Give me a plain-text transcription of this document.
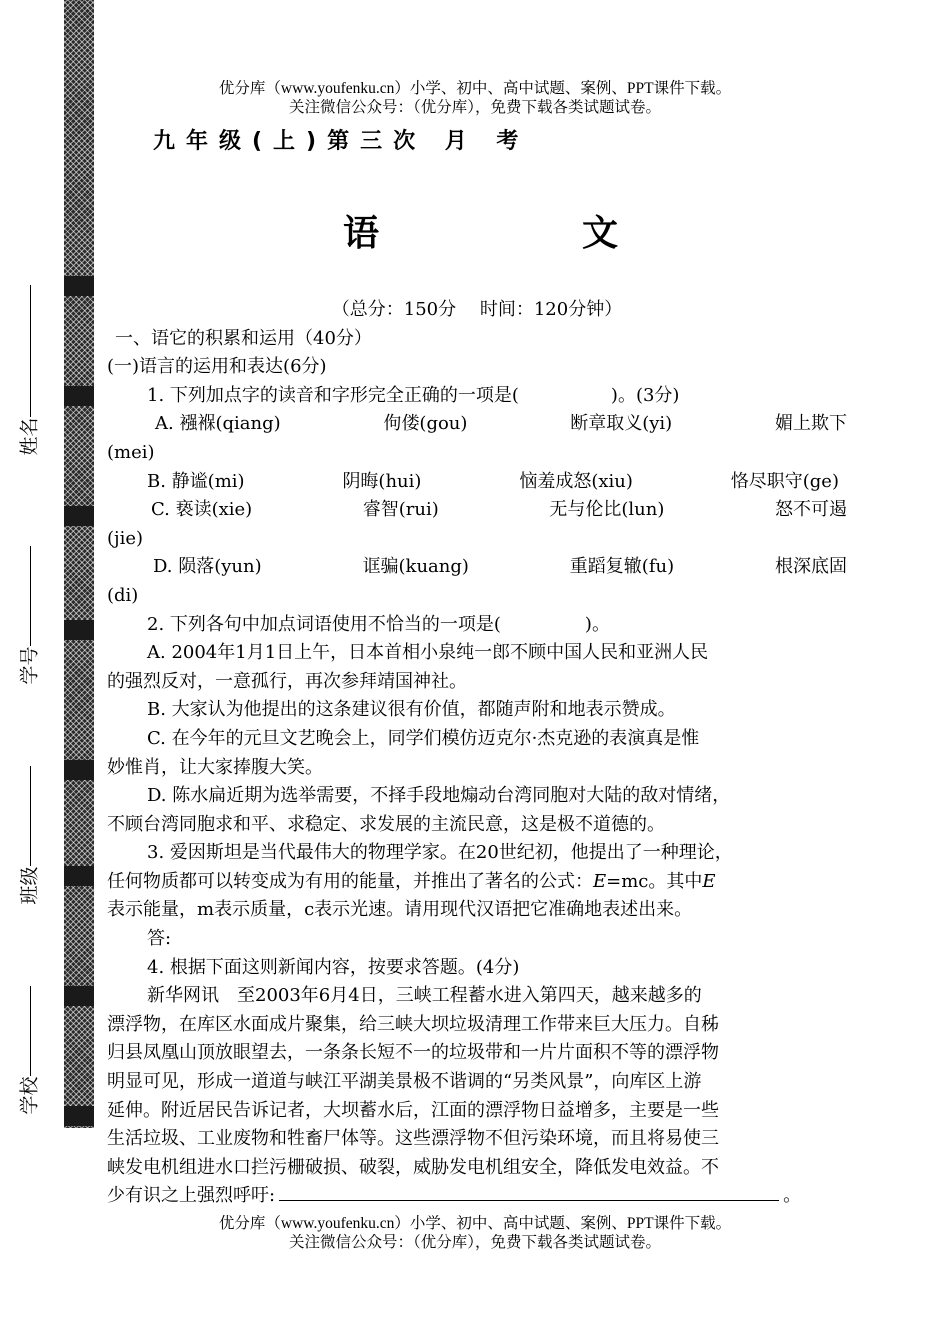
姓名
学号
班级
学校
优分库（www.youfenku.cn）小学、初中、高中试题、案例、PPT课件下载。
关注微信公众号：（优分库），免费下载各类试题试卷。
九年级(上)第三次 月 考
语	文
（总分：150分　 时间：120分钟）
一、语它的积累和运用（40分）
(一)语言的运用和表达(6分)
1. 下列加点字的读音和字形完全正确的一项是(	)。(3分)
A. 襁褓(qiang)	佝偻(gou)	断章取义(yi)	媚上欺下
(mei)
B. 静谧(mi)	阴晦(hui)	恼羞成怒(xiu)	恪尽职守(ge)
C. 亵读(xie)	睿智(rui)	无与伦比(lun)	怒不可遏
(jie)
D. 陨落(yun)	诓骗(kuang)	重蹈复辙(fu)	根深底固
(di)
2. 下列各句中加点词语使用不恰当的一项是(	)。
A. 2004年1月1日上午，日本首相小泉纯一郎不顾中国人民和亚洲人民
的强烈反对，一意孤行，再次参拜靖国神社。
B. 大家认为他提出的这条建议很有价值，都随声附和地表示赞成。
C. 在今年的元旦文艺晚会上，同学们模仿迈克尔·杰克逊的表演真是惟
妙惟肖，让大家捧腹大笑。
D. 陈水扁近期为选举需要，不择手段地煽动台湾同胞对大陆的敌对情绪，
不顾台湾同胞求和平、求稳定、求发展的主流民意，这是极不道德的。
3. 爱因斯坦是当代最伟大的物理学家。在20世纪初，他提出了一种理论，
任何物质都可以转变成为有用的能量，并推出了著名的公式：E=mc。其中E
表示能量，m表示质量，c表示光速。请用现代汉语把它准确地表述出来。
答:
4. 根据下面这则新闻内容，按要求答题。(4分)
新华网讯　至2003年6月4日，三峡工程蓄水进入第四天，越来越多的
漂浮物，在库区水面成片聚集，给三峡大坝垃圾清理工作带来巨大压力。自秭
归县凤凰山顶放眼望去，一条条长短不一的垃圾带和一片片面积不等的漂浮物
明显可见，形成一道道与峡江平湖美景极不谐调的“另类风景”，向库区上游
延伸。附近居民告诉记者，大坝蓄水后，江面的漂浮物日益增多，主要是一些
生活垃圾、工业废物和牲畜尸体等。这些漂浮物不但污染环境，而且将易使三
峡发电机组进水口拦污栅破损、破裂，威胁发电机组安全，降低发电效益。不
少有识之上强烈呼吁:	。
优分库（www.youfenku.cn）小学、初中、高中试题、案例、PPT课件下载。
关注微信公众号：（优分库），免费下载各类试题试卷。
